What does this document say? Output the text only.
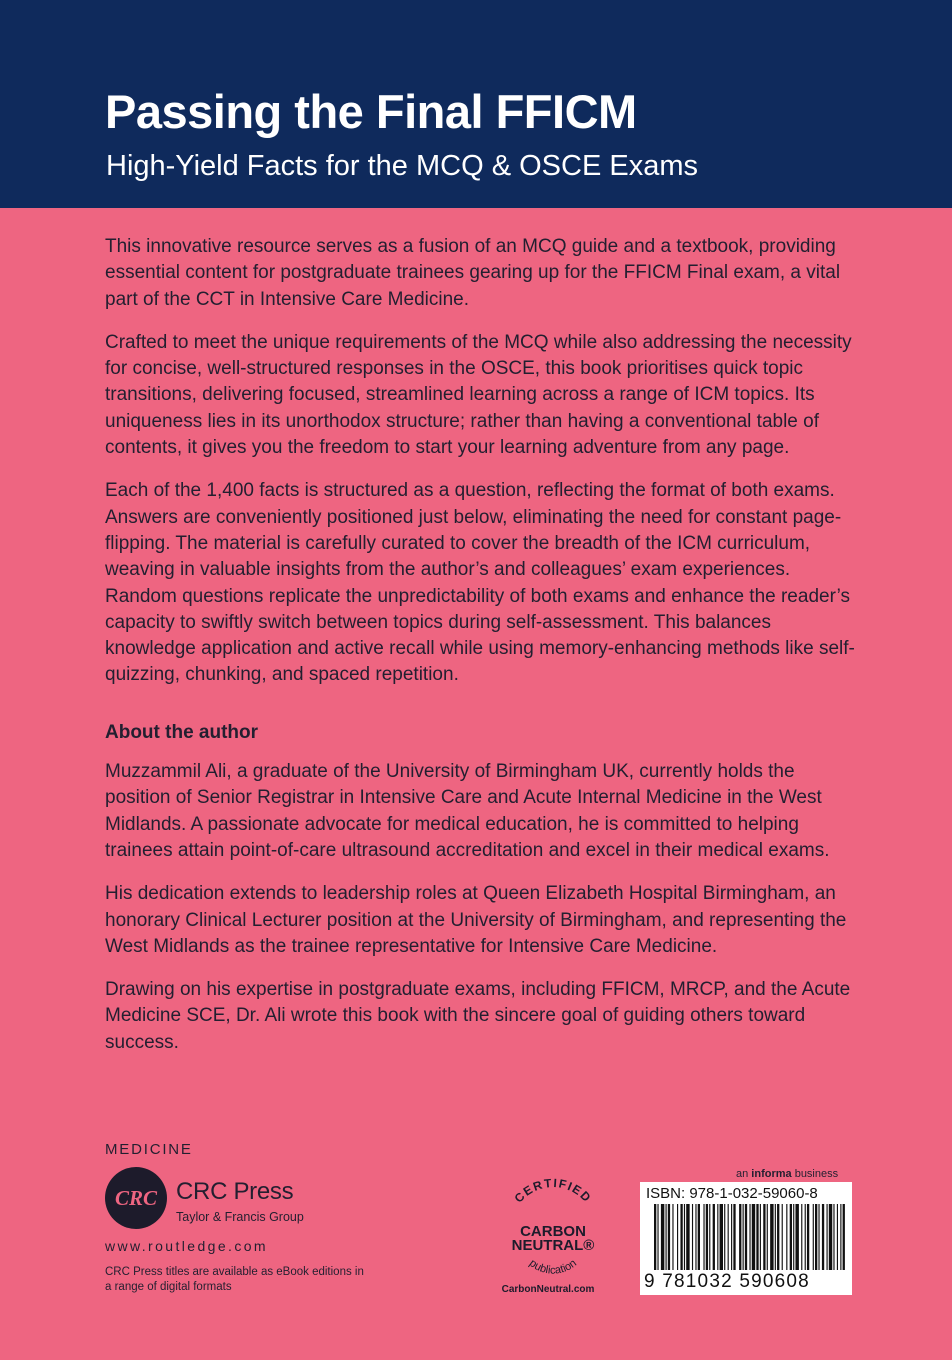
Passing the Final FFICM
High-Yield Facts for the MCQ & OSCE Exams

This innovative resource serves as a fusion of an MCQ guide and a textbook, providing essential content for postgraduate trainees gearing up for the FFICM Final exam, a vital part of the CCT in Intensive Care Medicine.

Crafted to meet the unique requirements of the MCQ while also addressing the necessity for concise, well-structured responses in the OSCE, this book prioritises quick topic transitions, delivering focused, streamlined learning across a range of ICM topics. Its uniqueness lies in its unorthodox structure; rather than having a conventional table of contents, it gives you the freedom to start your learning adventure from any page.

Each of the 1,400 facts is structured as a question, reflecting the format of both exams. Answers are conveniently positioned just below, eliminating the need for constant page-flipping. The material is carefully curated to cover the breadth of the ICM curriculum, weaving in valuable insights from the author’s and colleagues’ exam experiences. Random questions replicate the unpredictability of both exams and enhance the reader’s capacity to swiftly switch between topics during self-assessment. This balances knowledge application and active recall while using memory-enhancing methods like self-quizzing, chunking, and spaced repetition.

About the author

Muzzammil Ali, a graduate of the University of Birmingham UK, currently holds the position of Senior Registrar in Intensive Care and Acute Internal Medicine in the West Midlands. A passionate advocate for medical education, he is committed to helping trainees attain point-of-care ultrasound accreditation and excel in their medical exams.

His dedication extends to leadership roles at Queen Elizabeth Hospital Birmingham, an honorary Clinical Lecturer position at the University of Birmingham, and representing the West Midlands as the trainee representative for Intensive Care Medicine.

Drawing on his expertise in postgraduate exams, including FFICM, MRCP, and the Acute Medicine SCE, Dr. Ali wrote this book with the sincere goal of guiding others toward success.

MEDICINE
CRC CRC Press
Taylor & Francis Group
www.routledge.com
CRC Press titles are available as eBook editions in a range of digital formats
CERTIFIED
CARBON
NEUTRAL®
publication
CarbonNeutral.com
an informa business
ISBN: 978-1-032-59060-8
9 781032 590608
